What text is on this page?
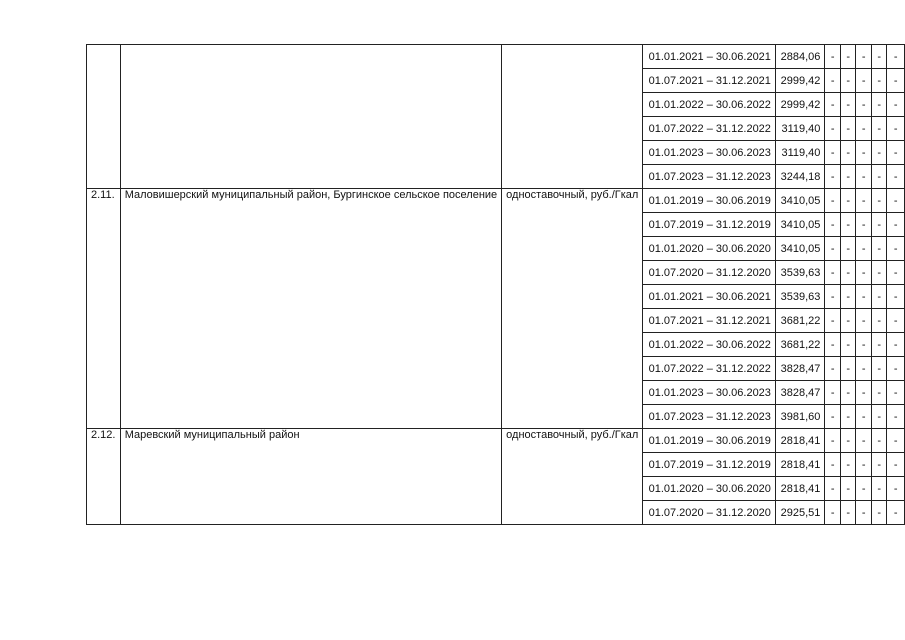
			01.01.2021 – 30.06.2021	2884,06	-	-	-	-	-
			01.07.2021 – 31.12.2021	2999,42	-	-	-	-	-
			01.01.2022 – 30.06.2022	2999,42	-	-	-	-	-
			01.07.2022 – 31.12.2022	3119,40	-	-	-	-	-
			01.01.2023 – 30.06.2023	3119,40	-	-	-	-	-
			01.07.2023 – 31.12.2023	3244,18	-	-	-	-	-
2.11.	Маловишерский муниципальный район, Бургинское сельское поселение	одноставочный, руб./Гкал	01.01.2019 – 30.06.2019	3410,05	-	-	-	-	-
			01.07.2019 – 31.12.2019	3410,05	-	-	-	-	-
			01.01.2020 – 30.06.2020	3410,05	-	-	-	-	-
			01.07.2020 – 31.12.2020	3539,63	-	-	-	-	-
			01.01.2021 – 30.06.2021	3539,63	-	-	-	-	-
			01.07.2021 – 31.12.2021	3681,22	-	-	-	-	-
			01.01.2022 – 30.06.2022	3681,22	-	-	-	-	-
			01.07.2022 – 31.12.2022	3828,47	-	-	-	-	-
			01.01.2023 – 30.06.2023	3828,47	-	-	-	-	-
			01.07.2023 – 31.12.2023	3981,60	-	-	-	-	-
2.12.	Маревский муниципальный район	одноставочный, руб./Гкал	01.01.2019 – 30.06.2019	2818,41	-	-	-	-	-
			01.07.2019 – 31.12.2019	2818,41	-	-	-	-	-
			01.01.2020 – 30.06.2020	2818,41	-	-	-	-	-
			01.07.2020 – 31.12.2020	2925,51	-	-	-	-	-
